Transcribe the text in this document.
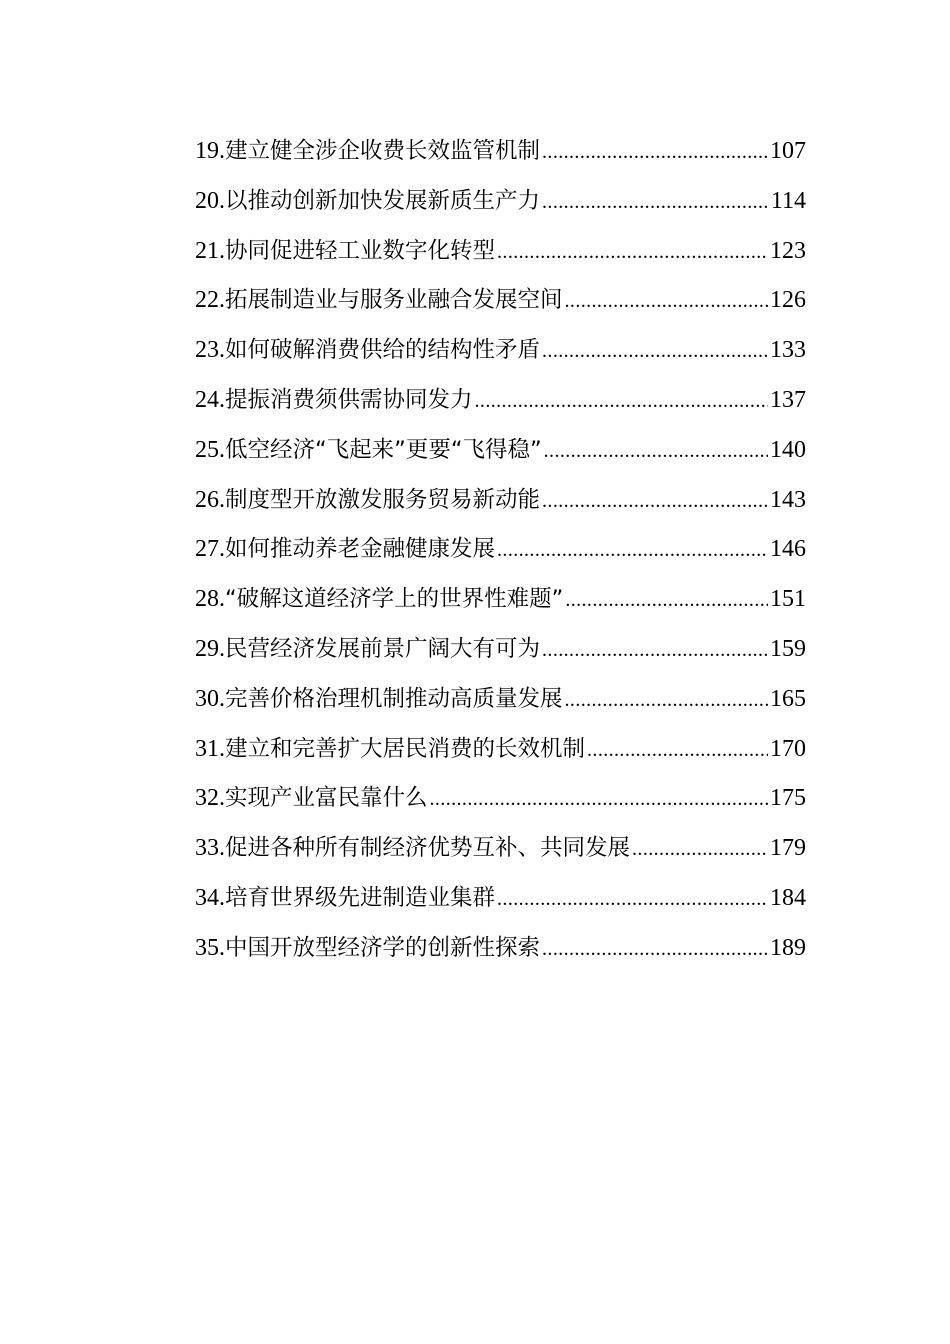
19. 建立健全涉企收费长效监管机制 .....	107
20. 以推动创新加快发展新质生产力 .....	114
21. 协同促进轻工业数字化转型 .....	123
22. 拓展制造业与服务业融合发展空间 .....	126
23. 如何破解消费供给的结构性矛盾 .....	133
24. 提振消费须供需协同发力 .....	137
25. 低空经济“飞起来”更要“飞得稳” .....	140
26. 制度型开放激发服务贸易新动能 .....	143
27. 如何推动养老金融健康发展 .....	146
28. “破解这道经济学上的世界性难题” .....	151
29. 民营经济发展前景广阔大有可为 .....	159
30. 完善价格治理机制推动高质量发展 .....	165
31. 建立和完善扩大居民消费的长效机制 .....	170
32. 实现产业富民靠什么 .....	175
33. 促进各种所有制经济优势互补、共同发展 .....	179
34. 培育世界级先进制造业集群 .....	184
35. 中国开放型经济学的创新性探索 .....	189
